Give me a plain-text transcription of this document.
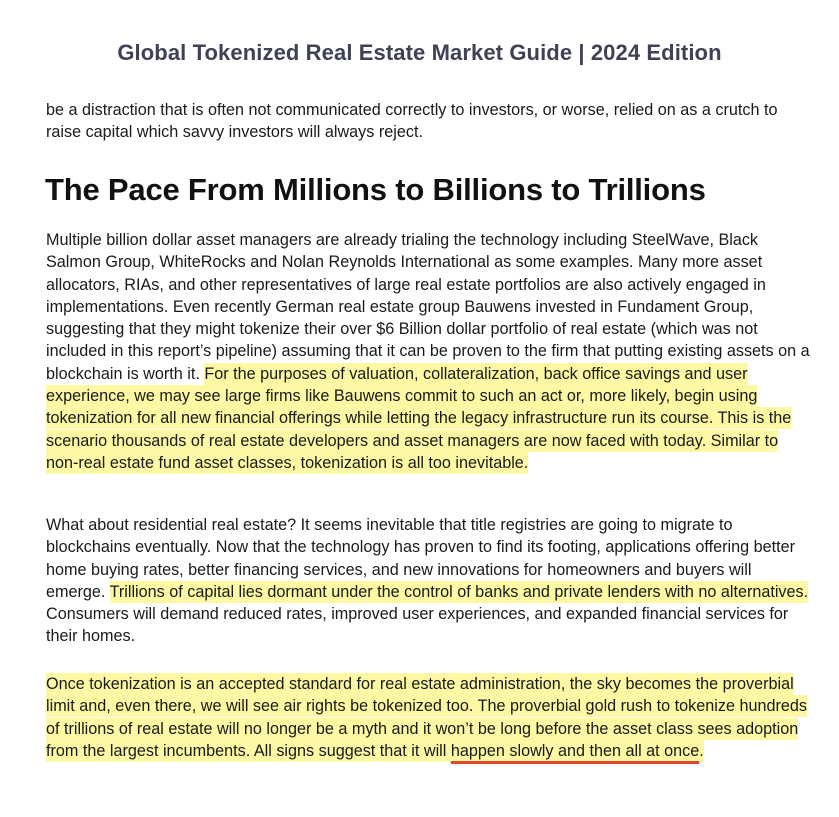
Global Tokenized Real Estate Market Guide | 2024 Edition

be a distraction that is often not communicated correctly to investors, or worse, relied on as a crutch to raise capital which savvy investors will always reject.

The Pace From Millions to Billions to Trillions

Multiple billion dollar asset managers are already trialing the technology including SteelWave, Black Salmon Group, WhiteRocks and Nolan Reynolds International as some examples. Many more asset allocators, RIAs, and other representatives of large real estate portfolios are also actively engaged in implementations. Even recently German real estate group Bauwens invested in Fundament Group, suggesting that they might tokenize their over $6 Billion dollar portfolio of real estate (which was not included in this report’s pipeline) assuming that it can be proven to the firm that putting existing assets on a blockchain is worth it. For the purposes of valuation, collateralization, back office savings and user experience, we may see large firms like Bauwens commit to such an act or, more likely, begin using tokenization for all new financial offerings while letting the legacy infrastructure run its course. This is the scenario thousands of real estate developers and asset managers are now faced with today. Similar to non-real estate fund asset classes, tokenization is all too inevitable.

What about residential real estate? It seems inevitable that title registries are going to migrate to blockchains eventually. Now that the technology has proven to find its footing, applications offering better home buying rates, better financing services, and new innovations for homeowners and buyers will emerge. Trillions of capital lies dormant under the control of banks and private lenders with no alternatives. Consumers will demand reduced rates, improved user experiences, and expanded financial services for their homes.

Once tokenization is an accepted standard for real estate administration, the sky becomes the proverbial limit and, even there, we will see air rights be tokenized too. The proverbial gold rush to tokenize hundreds of trillions of real estate will no longer be a myth and it won’t be long before the asset class sees adoption from the largest incumbents. All signs suggest that it will happen slowly and then all at once.
